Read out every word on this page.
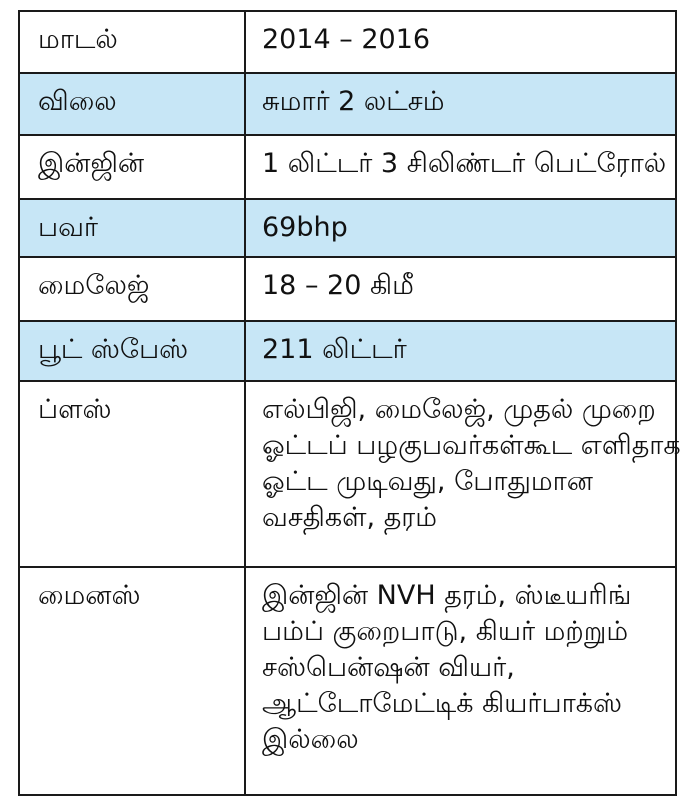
மாடல்	2014 – 2016

விலை	சுமார் 2 லட்சம்

இன்ஜின்	1 லிட்டர் 3 சிலிண்டர் பெட்ரோல்

பவர்	69bhp

மைலேஜ்	18 – 20 கிமீ

பூட் ஸ்பேஸ்	211 லிட்டர்

ப்ளஸ்	எல்பிஜி, மைலேஜ், முதல் முறை
ஓட்டப் பழகுபவர்கள்கூட எளிதாக
ஓட்ட முடிவது, போதுமான
வசதிகள், தரம்

மைனஸ்	இன்ஜின் NVH தரம், ஸ்டீயரிங்
பம்ப் குறைபாடு, கியர் மற்றும்
சஸ்பென்ஷன் வியர்,
ஆட்டோமேட்டிக் கியர்பாக்ஸ்
இல்லை
